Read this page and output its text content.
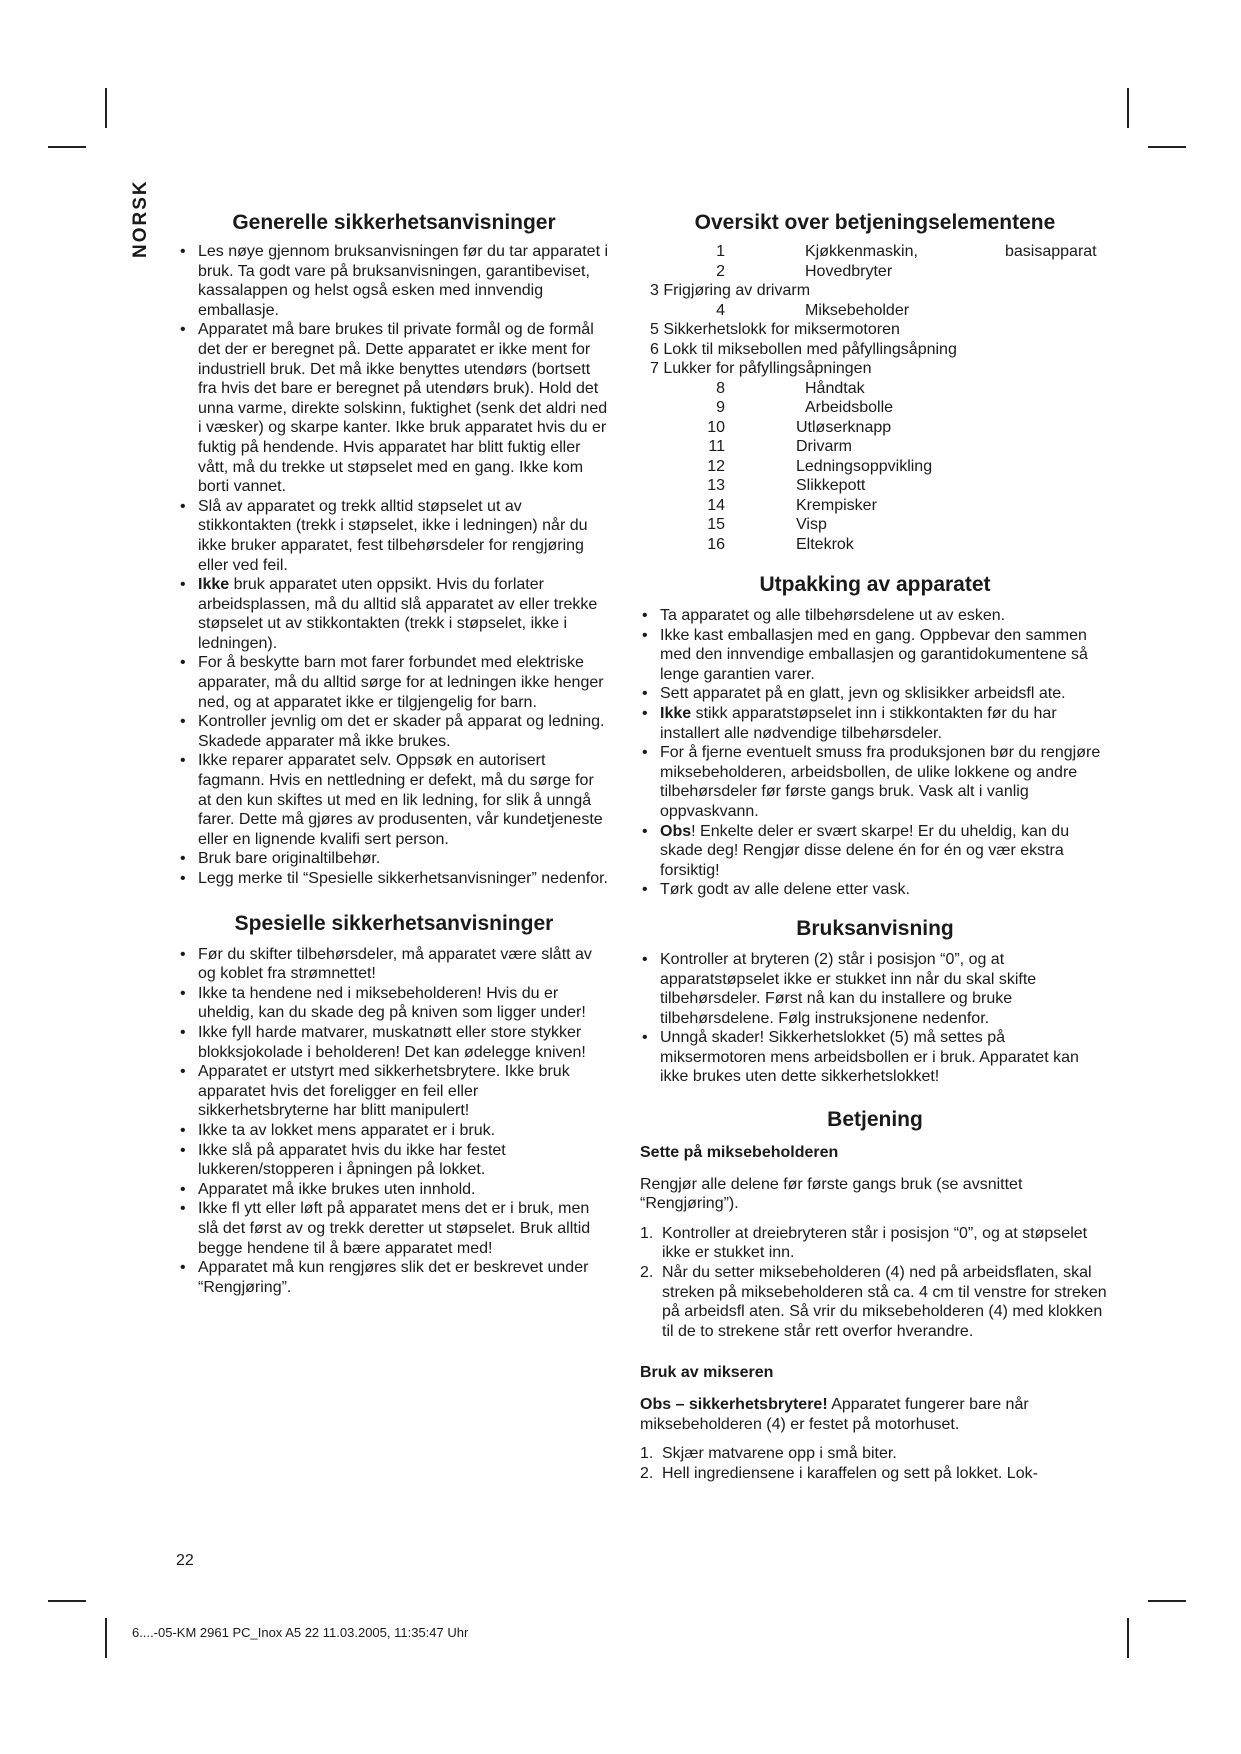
NORSK	Generelle sikkerhetsanvisninger
• Les nøye gjennom bruksanvisningen før du tar apparatet i bruk. Ta godt vare på bruksanvisningen, garantibeviset, kassalappen og helst også esken med innvendig emballasje.
• Apparatet må bare brukes til private formål og de formål det der er beregnet på. Dette apparatet er ikke ment for industriell bruk. Det må ikke benyttes utendørs (bortsett fra hvis det bare er beregnet på utendørs bruk). Hold det unna varme, direkte solskinn, fuktighet (senk det aldri ned i væsker) og skarpe kanter. Ikke bruk apparatet hvis du er fuktig på hendende. Hvis apparatet har blitt fuktig eller vått, må du trekke ut støpselet med en gang. Ikke kom borti vannet.
• Slå av apparatet og trekk alltid støpselet ut av stikkontakten (trekk i støpselet, ikke i ledningen) når du ikke bruker apparatet, fest tilbehørsdeler for rengjøring eller ved feil.
• Ikke bruk apparatet uten oppsikt. Hvis du forlater arbeidsplassen, må du alltid slå apparatet av eller trekke støpselet ut av stikkontakten (trekk i støpselet, ikke i ledningen).
• For å beskytte barn mot farer forbundet med elektriske apparater, må du alltid sørge for at ledningen ikke henger ned, og at apparatet ikke er tilgjengelig for barn.
• Kontroller jevnlig om det er skader på apparat og ledning. Skadede apparater må ikke brukes.
• Ikke reparer apparatet selv. Oppsøk en autorisert fagmann. Hvis en nettledning er defekt, må du sørge for at den kun skiftes ut med en lik ledning, for slik å unngå farer. Dette må gjøres av produsenten, vår kundetjeneste eller en lignende kvalifi sert person.
• Bruk bare originaltilbehør.
• Legg merke til “Spesielle sikkerhetsanvisninger” nedenfor.
Spesielle sikkerhetsanvisninger
• Før du skifter tilbehørsdeler, må apparatet være slått av og koblet fra strømnettet!
• Ikke ta hendene ned i miksebeholderen! Hvis du er uheldig, kan du skade deg på kniven som ligger under!
• Ikke fyll harde matvarer, muskatnøtt eller store stykker blokksjokolade i beholderen! Det kan ødelegge kniven!
• Apparatet er utstyrt med sikkerhetsbrytere. Ikke bruk apparatet hvis det foreligger en feil eller sikkerhetsbryterne har blitt manipulert!
• Ikke ta av lokket mens apparatet er i bruk.
• Ikke slå på apparatet hvis du ikke har festet lukkeren/stopperen i åpningen på lokket.
• Apparatet må ikke brukes uten innhold.
• Ikke fl ytt eller løft på apparatet mens det er i bruk, men slå det først av og trekk deretter ut støpselet. Bruk alltid begge hendene til å bære apparatet med!
• Apparatet må kun rengjøres slik det er beskrevet under “Rengjøring”.
Oversikt over betjeningselementene
1	Kjøkkenmaskin,	basisapparat
2	Hovedbryter
3 Frigjøring av drivarm
4	Miksebeholder
5 Sikkerhetslokk for miksermotoren
6 Lokk til miksebollen med påfyllingsåpning
7 Lukker for påfyllingsåpningen
8	Håndtak
9	Arbeidsbolle
10	Utløserknapp
11	Drivarm
12	Ledningsoppvikling
13	Slikkepott
14	Krempisker
15	Visp
16	Eltekrok
Utpakking av apparatet
• Ta apparatet og alle tilbehørsdelene ut av esken.
• Ikke kast emballasjen med en gang. Oppbevar den sammen med den innvendige emballasjen og garantidokumentene så lenge garantien varer.
• Sett apparatet på en glatt, jevn og sklisikker arbeidsfl ate.
• Ikke stikk apparatstøpselet inn i stikkontakten før du har installert alle nødvendige tilbehørsdeler.
• For å fjerne eventuelt smuss fra produksjonen bør du rengjøre miksebeholderen, arbeidsbollen, de ulike lokkene og andre tilbehørsdeler før første gangs bruk. Vask alt i vanlig oppvaskvann.
• Obs! Enkelte deler er svært skarpe! Er du uheldig, kan du skade deg! Rengjør disse delene én for én og vær ekstra forsiktig!
• Tørk godt av alle delene etter vask.
Bruksanvisning
• Kontroller at bryteren (2) står i posisjon “0”, og at apparatstøpselet ikke er stukket inn når du skal skifte tilbehørsdeler. Først nå kan du installere og bruke tilbehørsdelene. Følg instruksjonene nedenfor.
• Unngå skader! Sikkerhetslokket (5) må settes på miksermotoren mens arbeidsbollen er i bruk. Apparatet kan ikke brukes uten dette sikkerhetslokket!
Betjening
Sette på miksebeholderen
Rengjør alle delene før første gangs bruk (se avsnittet “Rengjøring”).
1. Kontroller at dreiebryteren står i posisjon “0”, og at støpselet ikke er stukket inn.
2. Når du setter miksebeholderen (4) ned på arbeidsflaten, skal streken på miksebeholderen stå ca. 4 cm til venstre for streken på arbeidsfl aten. Så vrir du miksebeholderen (4) med klokken til de to strekene står rett overfor hverandre.
Bruk av mikseren
Obs – sikkerhetsbrytere! Apparatet fungerer bare når miksebeholderen (4) er festet på motorhuset.
1. Skjær matvarene opp i små biter.
2. Hell ingrediensene i karaffelen og sett på lokket. Lok-
22
6....-05-KM 2961 PC_Inox A5 22 11.03.2005, 11:35:47 Uhr
